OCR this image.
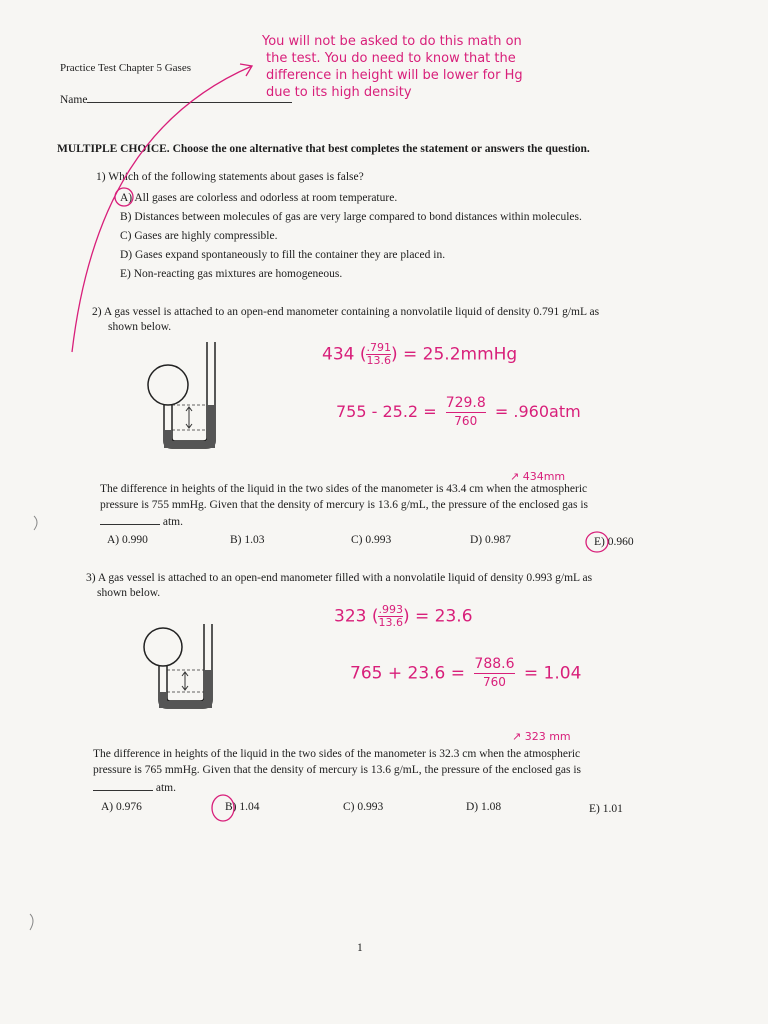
Practice Test Chapter 5 Gases
Name
You will not be asked to do this math on
the test. You do need to know that the
difference in height will be lower for Hg
due to its high density
MULTIPLE CHOICE. Choose the one alternative that best completes the statement or answers the question.
1) Which of the following statements about gases is false?
A) All gases are colorless and odorless at room temperature.
B) Distances between molecules of gas are very large compared to bond distances within molecules.
C) Gases are highly compressible.
D) Gases expand spontaneously to fill the container they are placed in.
E) Non-reacting gas mixtures are homogeneous.
2) A gas vessel is attached to an open-end manometer containing a nonvolatile liquid of density 0.791 g/mL as
shown below.
434 ( $\frac{.791}{13.6}$ ) = 25.2mmHg
$755 - 25.2 = \frac{729.8}{760} = .960atm$
↗ 434mm
The difference in heights of the liquid in the two sides of the manometer is 43.4 cm when the atmospheric
pressure is 755 mmHg. Given that the density of mercury is 13.6 g/mL, the pressure of the enclosed gas is
atm.
A) 0.990	B) 1.03	C) 0.993	D) 0.987	E) 0.960
3) A gas vessel is attached to an open-end manometer filled with a nonvolatile liquid of density 0.993 g/mL as
shown below.
323 ( $\frac{.993}{13.6}$ ) = 23.6
$765 + 23.6 = \frac{788.6}{760} = 1.04$
↗ 323 mm
The difference in heights of the liquid in the two sides of the manometer is 32.3 cm when the atmospheric
pressure is 765 mmHg. Given that the density of mercury is 13.6 g/mL, the pressure of the enclosed gas is
atm.
A) 0.976	B) 1.04	C) 0.993	D) 1.08	E) 1.01
1
